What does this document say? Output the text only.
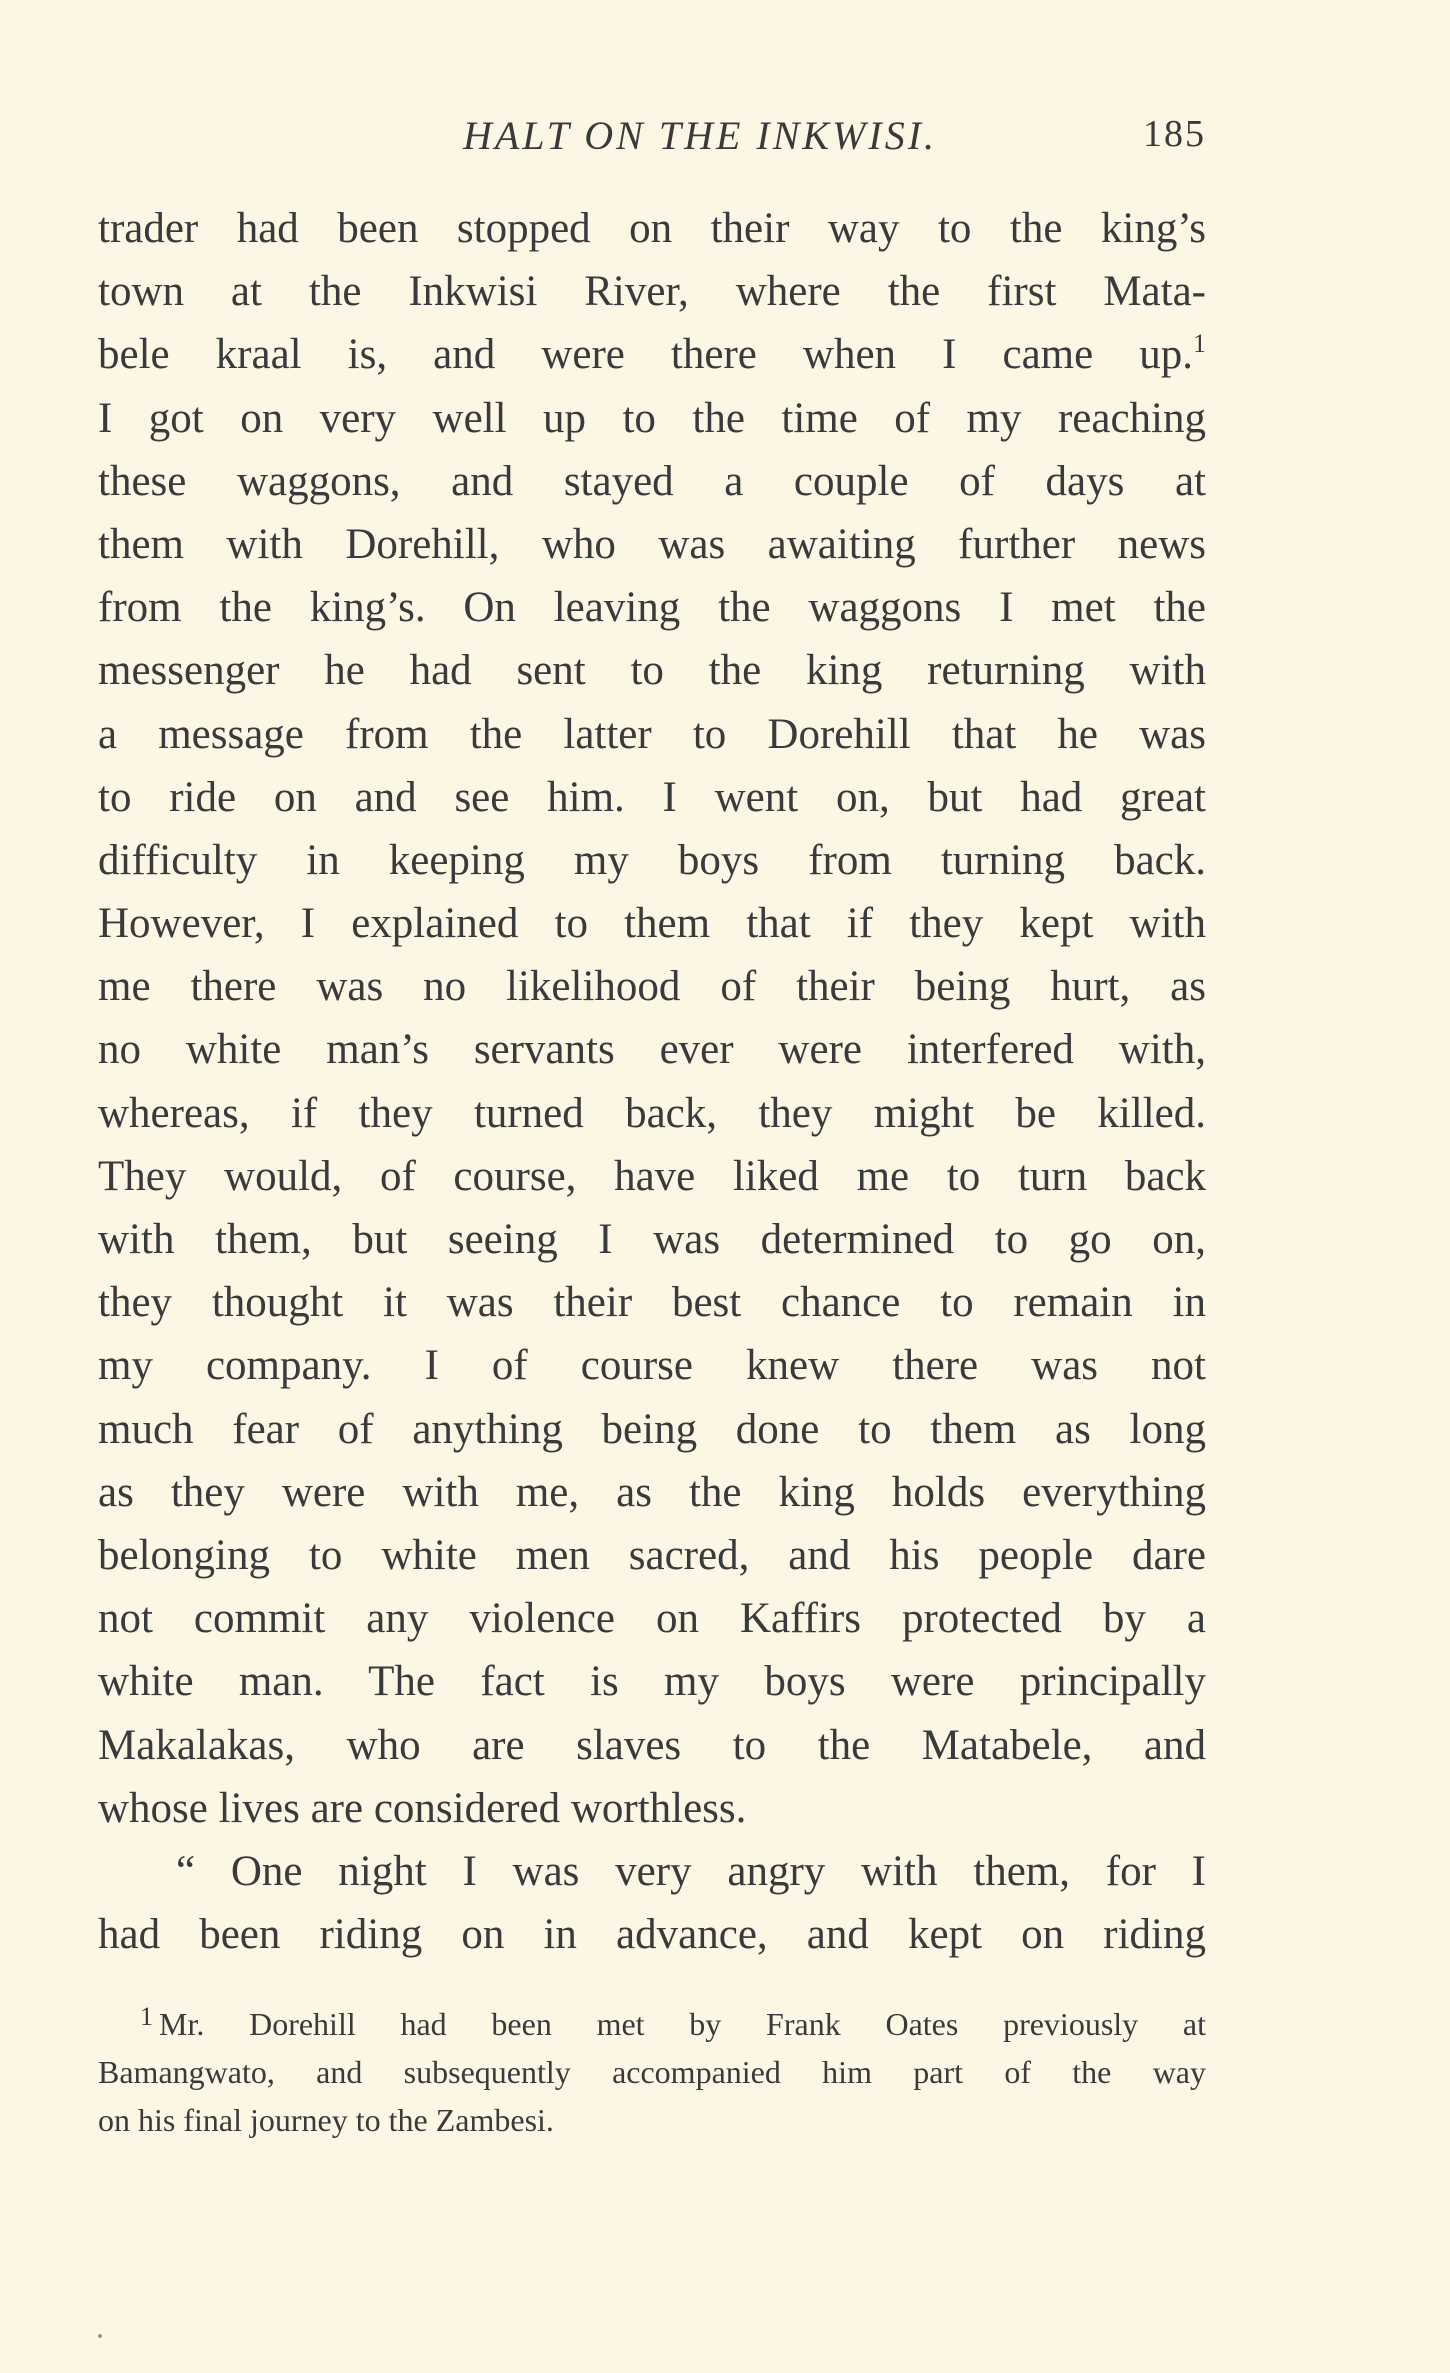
HALT ON THE INKWISI.	185
trader had been stopped on their way to the king’s
town at the Inkwisi River, where the first Mata-
bele kraal is, and were there when I came up.$^1$
I got on very well up to the time of my reaching
these waggons, and stayed a couple of days at
them with Dorehill, who was awaiting further news
from the king’s. On leaving the waggons I met the
messenger he had sent to the king returning with
a message from the latter to Dorehill that he was
to ride on and see him. I went on, but had great
difficulty in keeping my boys from turning back.
However, I explained to them that if they kept with
me there was no likelihood of their being hurt, as
no white man’s servants ever were interfered with,
whereas, if they turned back, they might be killed.
They would, of course, have liked me to turn back
with them, but seeing I was determined to go on,
they thought it was their best chance to remain in
my company. I of course knew there was not
much fear of anything being done to them as long
as they were with me, as the king holds everything
belonging to white men sacred, and his people dare
not commit any violence on Kaffirs protected by a
white man. The fact is my boys were principally
Makalakas, who are slaves to the Matabele, and
whose lives are considered worthless.
“ One night I was very angry with them, for I
had been riding on in advance, and kept on riding
$^1$ Mr. Dorehill had been met by Frank Oates previously at
Bamangwato, and subsequently accompanied him part of the way
on his final journey to the Zambesi.
